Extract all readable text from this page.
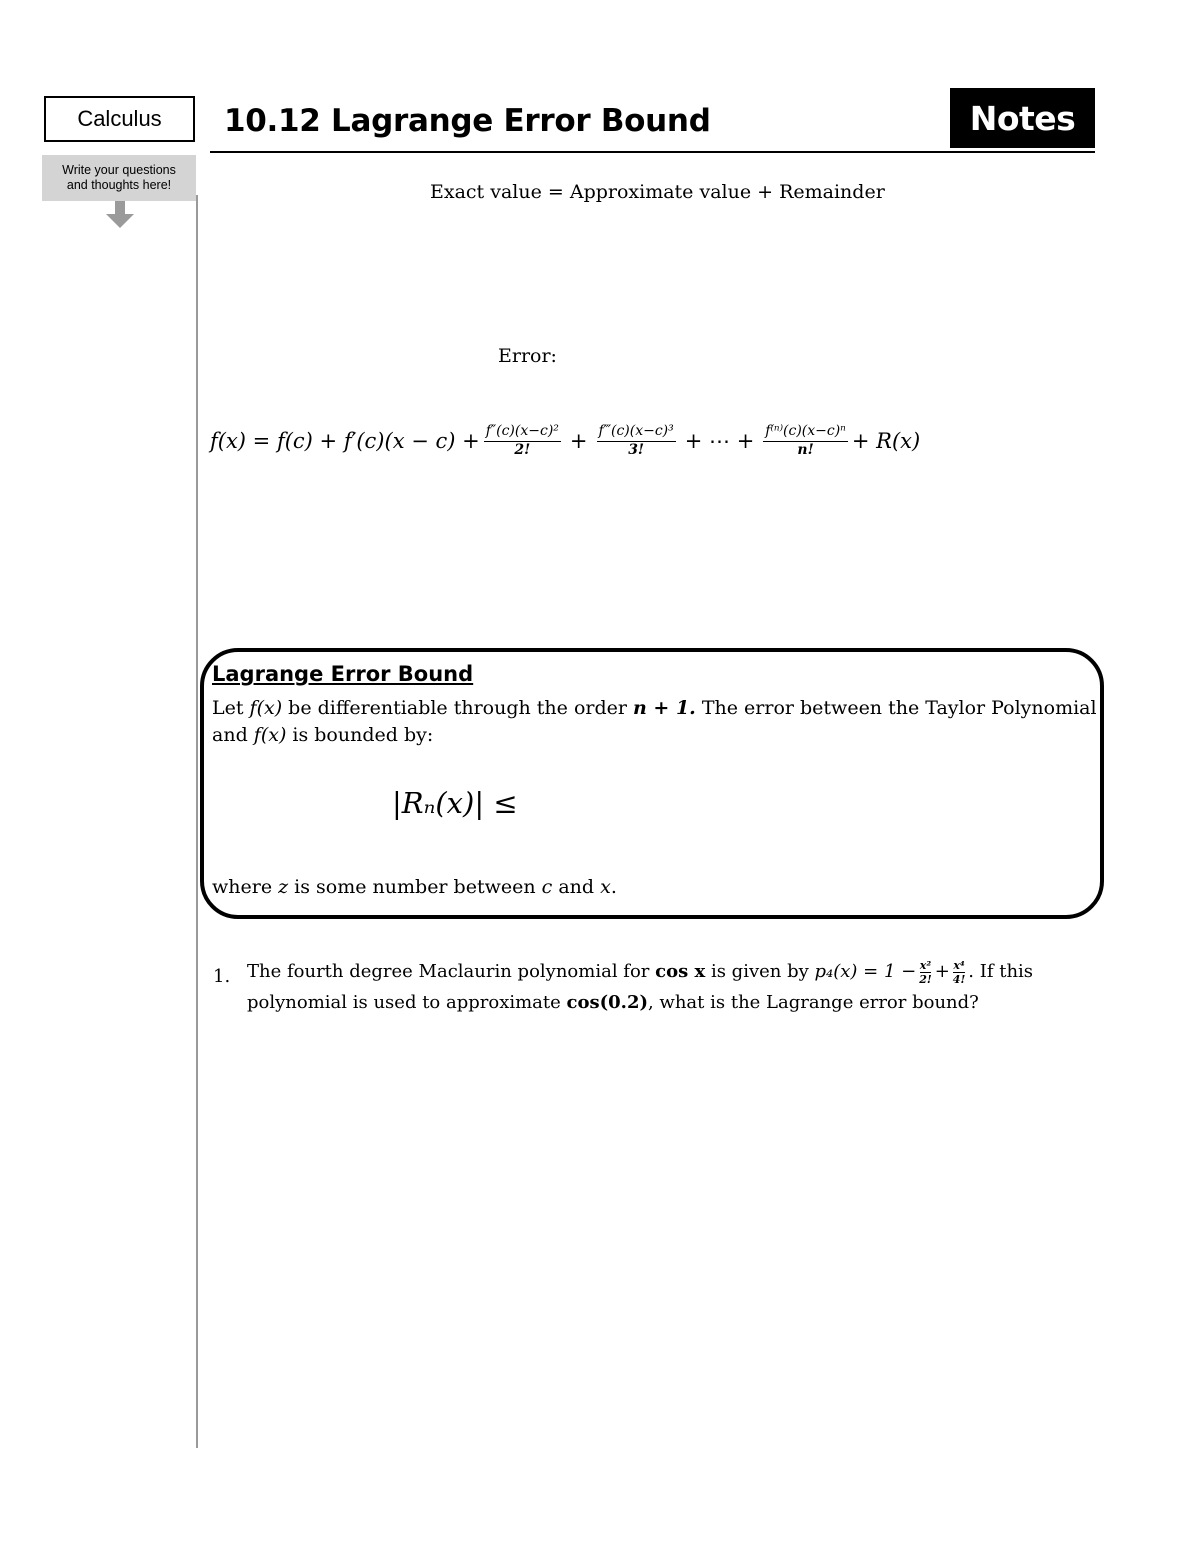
Calculus
Write your questions
and thoughts here!
10.12 Lagrange Error Bound	Notes
Exact value = Approximate value + Remainder
Error:
$f(x) = f(c) + f'(c)(x - c) + \frac{\text{f″(c)(x−c)²}}{2!} + \frac{\text{f‴(c)(x−c)³}}{3!}$ + ⋯ + $\frac{\text{f⁽ⁿ⁾(c)(x−c)ⁿ}}{n!} + R(x)$
Lagrange Error Bound
Let f(x) be differentiable through the order n + 1. The error between the Taylor Polynomial and f(x) is bounded by:
|Rₙ(x)| ≤
where z is some number between c and x.
1. The fourth degree Maclaurin polynomial for cos x is given by $p_4(x) = 1 - \frac{\text{x²}}{2!} + \frac{\text{x⁴}}{4!}$ . If this polynomial is used to approximate cos(0.2), what is the Lagrange error bound?
